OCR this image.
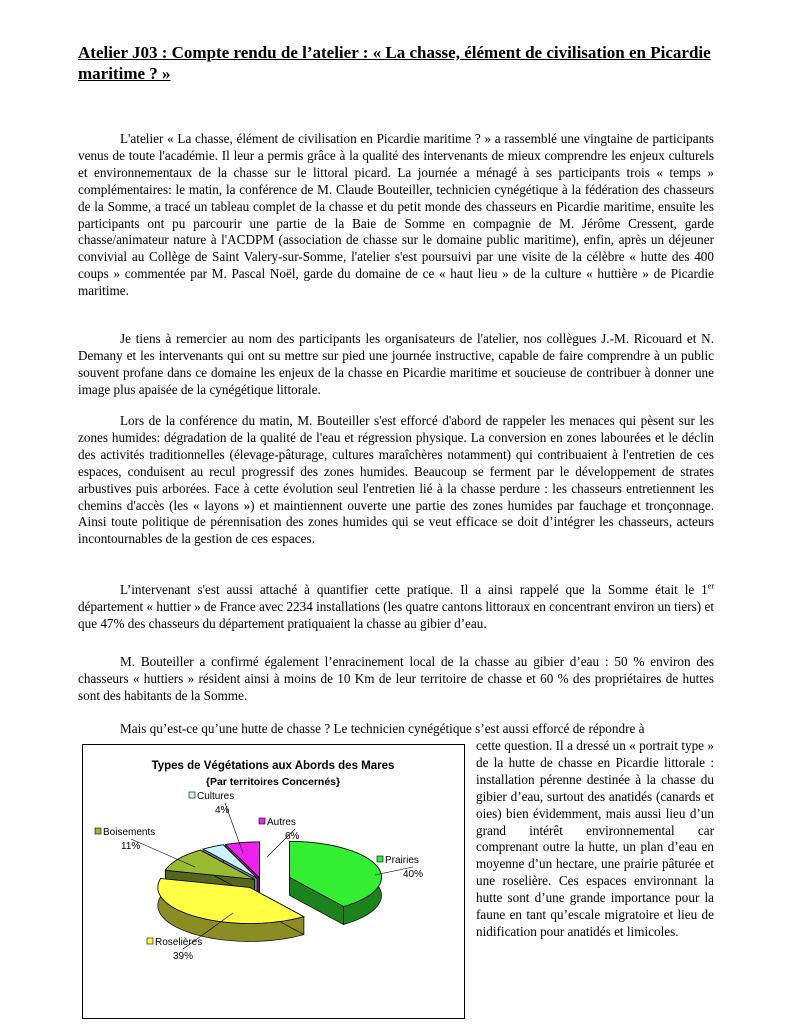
Atelier J03 : Compte rendu de l’atelier : « La chasse, élément de civilisation en Picardie maritime ? »

L'atelier « La chasse, élément de civilisation en Picardie maritime ? » a rassemblé une vingtaine de participants venus de toute l'académie. Il leur a permis grâce à la qualité des intervenants de mieux comprendre les enjeux culturels et environnementaux de la chasse sur le littoral picard. La journée a ménagé à ses participants trois « temps » complémentaires: le matin, la conférence de M. Claude Bouteiller, technicien cynégétique à la fédération des chasseurs de la Somme, a tracé un tableau complet de la chasse et du petit monde des chasseurs en Picardie maritime, ensuite les participants ont pu parcourir une partie de la Baie de Somme en compagnie de M. Jérôme Cressent, garde chasse/animateur nature à l'ACDPM (association de chasse sur le domaine public maritime), enfin, après un déjeuner convivial au Collège de Saint Valery-sur-Somme, l'atelier s'est poursuivi par une visite de la célèbre « hutte des 400 coups » commentée par M. Pascal Noël, garde du domaine de ce « haut lieu » de la culture « huttière » de Picardie maritime.

Je tiens à remercier au nom des participants les organisateurs de l'atelier, nos collègues J.-M. Ricouard et N. Demany et les intervenants qui ont su mettre sur pied une journée instructive, capable de faire comprendre à un public souvent profane dans ce domaine les enjeux de la chasse en Picardie maritime et soucieuse de contribuer à donner une image plus apaisée de la cynégétique littorale.

Lors de la conférence du matin, M. Bouteiller s'est efforcé d'abord de rappeler les menaces qui pèsent sur les zones humides: dégradation de la qualité de l'eau et régression physique. La conversion en zones labourées et le déclin des activités traditionnelles (élevage-pâturage, cultures maraîchères notamment) qui contribuaient à l'entretien de ces espaces, conduisent au recul progressif des zones humides. Beaucoup se ferment par le développement de strates arbustives puis arborées. Face à cette évolution seul l'entretien lié à la chasse perdure : les chasseurs entretiennent les chemins d'accès (les « layons ») et maintiennent ouverte une partie des zones humides par fauchage et tronçonnage. Ainsi toute politique de pérennisation des zones humides qui se veut efficace se doit d’intégrer les chasseurs, acteurs incontournables de la gestion de ces espaces.

L’intervenant s'est aussi attaché à quantifier cette pratique. Il a ainsi rappelé que la Somme était le 1er département « huttier » de France avec 2234 installations (les quatre cantons littoraux en concentrant environ un tiers) et que 47% des chasseurs du département pratiquaient la chasse au gibier d’eau.

M. Bouteiller a confirmé également l’enracinement local de la chasse au gibier d’eau : 50 % environ des chasseurs « huttiers » résident ainsi à moins de 10 Km de leur territoire de chasse et 60 % des propriétaires de huttes sont des habitants de la Somme.

Mais qu’est-ce qu’une hutte de chasse ? Le technicien cynégétique s’est aussi efforcé de répondre à

cette question. Il a dressé un « portrait type » de la hutte de chasse en Picardie littorale : installation pérenne destinée à la chasse du gibier d’eau, surtout des anatidés (canards et oies) bien évidemment, mais aussi lieu d’un grand intérêt environnemental car comprenant outre la hutte, un plan d’eau en moyenne d’un hectare, une prairie pâturée et une roselière. Ces espaces environnant la hutte sont d’une grande importance pour la faune en tant qu’escale migratoire et lieu de nidification pour anatidés et limicoles.

Types de Végétations aux Abords des Mares
{Par territoires Concernés}
Prairies
40%
Roselières
39%
Boisements
11%
Cultures
4%
Autres
6%
